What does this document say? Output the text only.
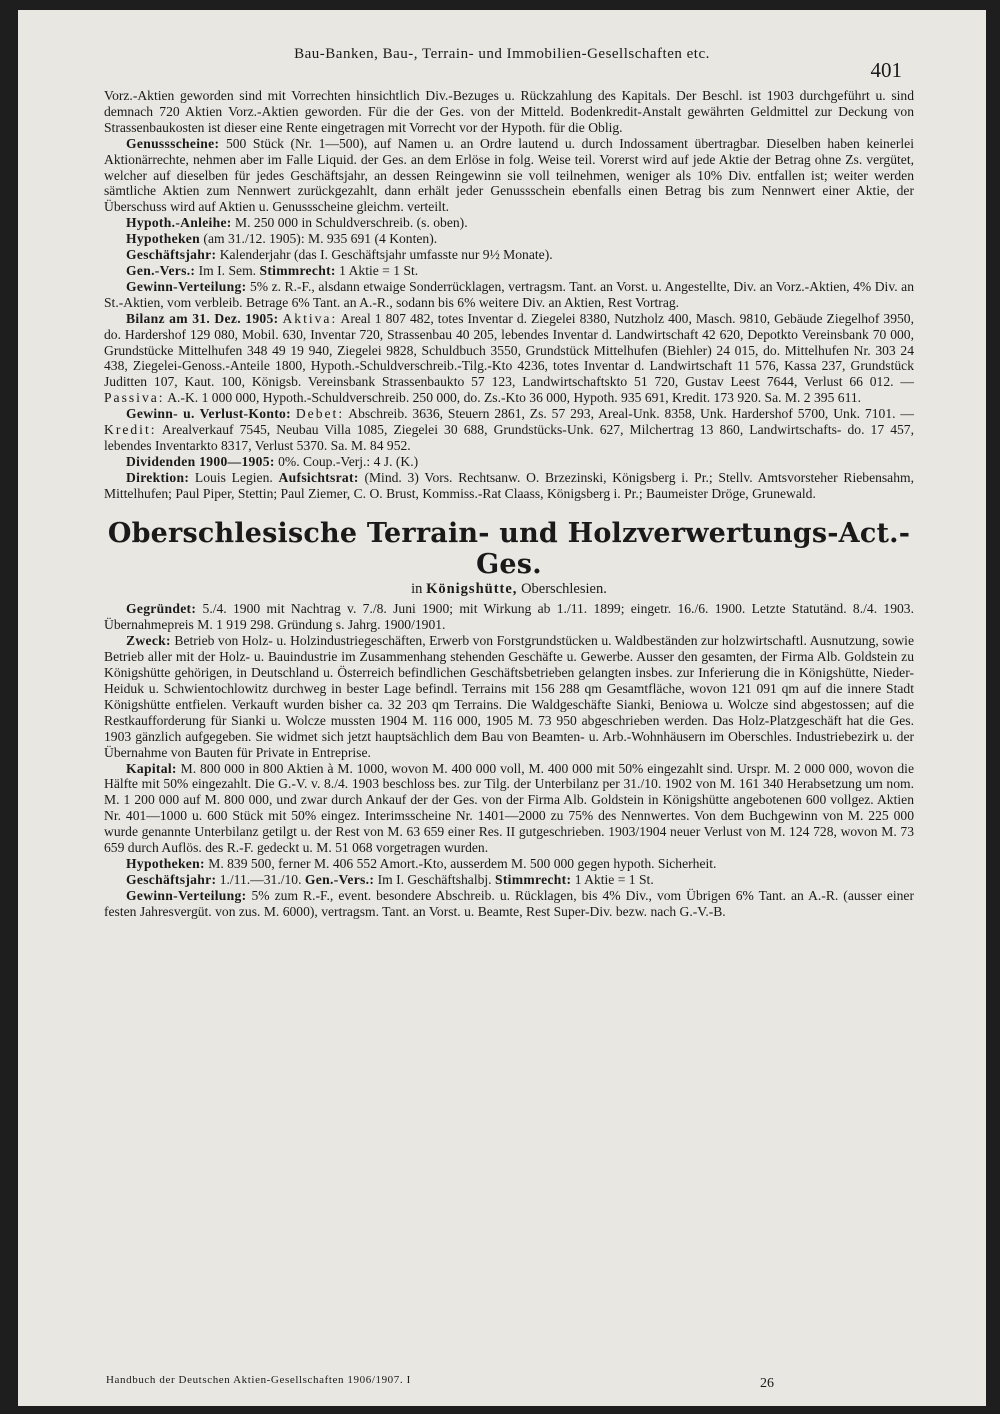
Bau-Banken, Bau-, Terrain- und Immobilien-Gesellschaften etc.
401

Vorz.-Aktien geworden sind mit Vorrechten hinsichtlich Div.-Bezuges u. Rückzahlung des Kapitals. Der Beschl. ist 1903 durchgeführt u. sind demnach 720 Aktien Vorz.-Aktien geworden. Für die der Ges. von der Mitteld. Bodenkredit-Anstalt gewährten Geldmittel zur Deckung von Strassenbaukosten ist dieser eine Rente eingetragen mit Vorrecht vor der Hypoth. für die Oblig.

Genussscheine: 500 Stück (Nr. 1—500), auf Namen u. an Ordre lautend u. durch Indossament übertragbar. Dieselben haben keinerlei Aktionärrechte, nehmen aber im Falle Liquid. der Ges. an dem Erlöse in folg. Weise teil. Vorerst wird auf jede Aktie der Betrag ohne Zs. vergütet, welcher auf dieselben für jedes Geschäftsjahr, an dessen Reingewinn sie voll teilnehmen, weniger als 10% Div. entfallen ist; weiter werden sämtliche Aktien zum Nennwert zurückgezahlt, dann erhält jeder Genussschein ebenfalls einen Betrag bis zum Nennwert einer Aktie, der Überschuss wird auf Aktien u. Genussscheine gleichm. verteilt.

Hypoth.-Anleihe: M. 250 000 in Schuldverschreib. (s. oben).

Hypotheken (am 31./12. 1905): M. 935 691 (4 Konten).

Geschäftsjahr: Kalenderjahr (das I. Geschäftsjahr umfasste nur 9½ Monate).

Gen.-Vers.: Im I. Sem. Stimmrecht: 1 Aktie = 1 St.

Gewinn-Verteilung: 5% z. R.-F., alsdann etwaige Sonderrücklagen, vertragsm. Tant. an Vorst. u. Angestellte, Div. an Vorz.-Aktien, 4% Div. an St.-Aktien, vom verbleib. Betrage 6% Tant. an A.-R., sodann bis 6% weitere Div. an Aktien, Rest Vortrag.

Bilanz am 31. Dez. 1905: Aktiva: Areal 1 807 482, totes Inventar d. Ziegelei 8380, Nutzholz 400, Masch. 9810, Gebäude Ziegelhof 3950, do. Hardershof 129 080, Mobil. 630, Inventar 720, Strassenbau 40 205, lebendes Inventar d. Landwirtschaft 42 620, Depotkto Vereinsbank 70 000, Grundstücke Mittelhufen 348 49 19 940, Ziegelei 9828, Schuldbuch 3550, Grundstück Mittelhufen (Biehler) 24 015, do. Mittelhufen Nr. 303 24 438, Ziegelei-Genoss.-Anteile 1800, Hypoth.-Schuldverschreib.-Tilg.-Kto 4236, totes Inventar d. Landwirtschaft 11 576, Kassa 237, Grundstück Juditten 107, Kaut. 100, Königsb. Vereinsbank Strassenbaukto 57 123, Landwirtschaftskto 51 720, Gustav Leest 7644, Verlust 66 012. — Passiva: A.-K. 1 000 000, Hypoth.-Schuldverschreib. 250 000, do. Zs.-Kto 36 000, Hypoth. 935 691, Kredit. 173 920. Sa. M. 2 395 611.

Gewinn- u. Verlust-Konto: Debet: Abschreib. 3636, Steuern 2861, Zs. 57 293, Areal-Unk. 8358, Unk. Hardershof 5700, Unk. 7101. — Kredit: Arealverkauf 7545, Neubau Villa 1085, Ziegelei 30 688, Grundstücks-Unk. 627, Milchertrag 13 860, Landwirtschafts- do. 17 457, lebendes Inventarkto 8317, Verlust 5370. Sa. M. 84 952.

Dividenden 1900—1905: 0%. Coup.-Verj.: 4 J. (K.)

Direktion: Louis Legien. Aufsichtsrat: (Mind. 3) Vors. Rechtsanw. O. Brzezinski, Königsberg i. Pr.; Stellv. Amtsvorsteher Riebensahm, Mittelhufen; Paul Piper, Stettin; Paul Ziemer, C. O. Brust, Kommiss.-Rat Claass, Königsberg i. Pr.; Baumeister Dröge, Grunewald.

Oberschlesische Terrain- und Holzverwertungs-Act.-Ges.
in Königshütte, Oberschlesien.

Gegründet: 5./4. 1900 mit Nachtrag v. 7./8. Juni 1900; mit Wirkung ab 1./11. 1899; eingetr. 16./6. 1900. Letzte Statutänd. 8./4. 1903. Übernahmepreis M. 1 919 298. Gründung s. Jahrg. 1900/1901.

Zweck: Betrieb von Holz- u. Holzindustriegeschäften, Erwerb von Forstgrundstücken u. Waldbeständen zur holzwirtschaftl. Ausnutzung, sowie Betrieb aller mit der Holz- u. Bauindustrie im Zusammenhang stehenden Geschäfte u. Gewerbe. Ausser den gesamten, der Firma Alb. Goldstein zu Königshütte gehörigen, in Deutschland u. Österreich befindlichen Geschäftsbetrieben gelangten insbes. zur Inferierung die in Königshütte, Nieder-Heiduk u. Schwientochlowitz durchweg in bester Lage befindl. Terrains mit 156 288 qm Gesamtfläche, wovon 121 091 qm auf die innere Stadt Königshütte entfielen. Verkauft wurden bisher ca. 32 203 qm Terrains. Die Waldgeschäfte Sianki, Beniowa u. Wolcze sind abgestossen; auf die Restkaufforderung für Sianki u. Wolcze mussten 1904 M. 116 000, 1905 M. 73 950 abgeschrieben werden. Das Holz-Platzgeschäft hat die Ges. 1903 gänzlich aufgegeben. Sie widmet sich jetzt hauptsächlich dem Bau von Beamten- u. Arb.-Wohnhäusern im Oberschles. Industriebezirk u. der Übernahme von Bauten für Private in Entreprise.

Kapital: M. 800 000 in 800 Aktien à M. 1000, wovon M. 400 000 voll, M. 400 000 mit 50% eingezahlt sind. Urspr. M. 2 000 000, wovon die Hälfte mit 50% eingezahlt. Die G.-V. v. 8./4. 1903 beschloss bes. zur Tilg. der Unterbilanz per 31./10. 1902 von M. 161 340 Herabsetzung um nom. M. 1 200 000 auf M. 800 000, und zwar durch Ankauf der der Ges. von der Firma Alb. Goldstein in Königshütte angebotenen 600 vollgez. Aktien Nr. 401—1000 u. 600 Stück mit 50% eingez. Interimsscheine Nr. 1401—2000 zu 75% des Nennwertes. Von dem Buchgewinn von M. 225 000 wurde genannte Unterbilanz getilgt u. der Rest von M. 63 659 einer Res. II gutgeschrieben. 1903/1904 neuer Verlust von M. 124 728, wovon M. 73 659 durch Auflös. des R.-F. gedeckt u. M. 51 068 vorgetragen wurden.

Hypotheken: M. 839 500, ferner M. 406 552 Amort.-Kto, ausserdem M. 500 000 gegen hypoth. Sicherheit.

Geschäftsjahr: 1./11.—31./10. Gen.-Vers.: Im I. Geschäftshalbj. Stimmrecht: 1 Aktie = 1 St.

Gewinn-Verteilung: 5% zum R.-F., event. besondere Abschreib. u. Rücklagen, bis 4% Div., vom Übrigen 6% Tant. an A.-R. (ausser einer festen Jahresvergüt. von zus. M. 6000), vertragsm. Tant. an Vorst. u. Beamte, Rest Super-Div. bezw. nach G.-V.-B.

Handbuch der Deutschen Aktien-Gesellschaften 1906/1907. I	26
